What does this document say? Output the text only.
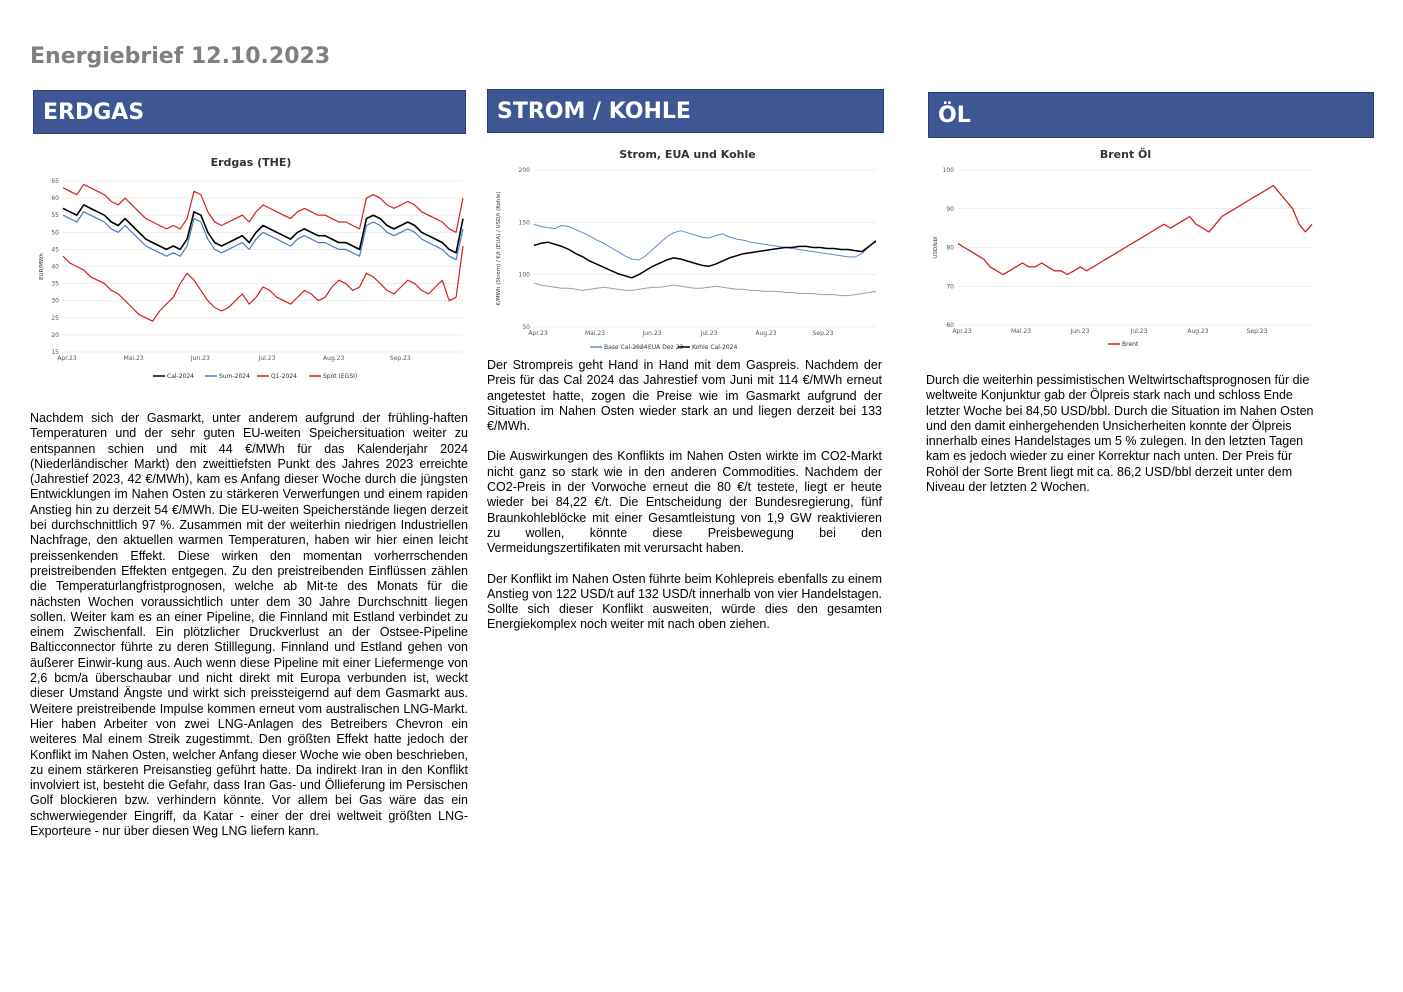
Energiebrief 12.10.2023
ERDGAS	STROM / KOHLE	ÖL
Erdgas (THE)
65
60
55
50
45
40
35
30
25
20
15
EUR/MWh
Apr.23	Mai.23	Jun.23	Jul.23	Aug.23	Sep.23
Cal-2024	Sum-2024	Q1-2024	Spot (EGSI)
Strom, EUA und Kohle
200
150
100
50
€/MWh (Strom) / €/t (EUA) / USD/t (Kohle)
Apr.23	Mai.23	Jun.23	Jul.23	Aug.23	Sep.23
Base Cal-2024 EUA Dez 23 Kohle Cal-2024
Brent Öl
100
90
80
70
60
USD/bbl
Apr.23	Mai.23	Jun.23	Jul.23	Aug.23	Sep.23
Brent

Nachdem sich der Gasmarkt, unter anderem aufgrund der frühling-haften Temperaturen und der sehr guten EU-weiten Speichersituation weiter zu entspannen schien und mit 44 €/MWh für das Kalenderjahr 2024 (Niederländischer Markt) den zweittiefsten Punkt des Jahres 2023 erreichte (Jahrestief 2023, 42 €/MWh), kam es Anfang dieser Woche durch die jüngsten Entwicklungen im Nahen Osten zu stärkeren Verwerfungen und einem rapiden Anstieg hin zu derzeit 54 €/MWh. Die EU-weiten Speicherstände liegen derzeit bei durchschnittlich 97 %. Zusammen mit der weiterhin niedrigen Industriellen Nachfrage, den aktuellen warmen Temperaturen, haben wir hier einen leicht preissenkenden Effekt. Diese wirken den momentan vorherrschenden preistreibenden Effekten entgegen. Zu den preistreibenden Einflüssen zählen die Temperaturlangfristprognosen, welche ab Mit-te des Monats für die nächsten Wochen voraussichtlich unter dem 30 Jahre Durchschnitt liegen sollen. Weiter kam es an einer Pipeline, die Finnland mit Estland verbindet zu einem Zwischenfall. Ein plötzlicher Druckverlust an der Ostsee-Pipeline Balticconnector führte zu deren Stilllegung. Finnland und Estland gehen von äußerer Einwir-kung aus. Auch wenn diese Pipeline mit einer Liefermenge von 2,6 bcm/a überschaubar und nicht direkt mit Europa verbunden ist, weckt dieser Umstand Ängste und wirkt sich preissteigernd auf dem Gasmarkt aus. Weitere preistreibende Impulse kommen erneut vom australischen LNG-Markt. Hier haben Arbeiter von zwei LNG-Anlagen des Betreibers Chevron ein weiteres Mal einem Streik zugestimmt. Den größten Effekt hatte jedoch der Konflikt im Nahen Osten, welcher Anfang dieser Woche wie oben beschrieben, zu einem stärkeren Preisanstieg geführt hatte. Da indirekt Iran in den Konflikt involviert ist, besteht die Gefahr, dass Iran Gas- und Öllieferung im Persischen Golf blockieren bzw. verhindern könnte. Vor allem bei Gas wäre das ein schwerwiegender Eingriff, da Katar - einer der drei weltweit größten LNG-Exporteure - nur über diesen Weg LNG liefern kann.

Der Strompreis geht Hand in Hand mit dem Gaspreis. Nachdem der Preis für das Cal 2024 das Jahrestief vom Juni mit 114 €/MWh erneut angetestet hatte, zogen die Preise wie im Gasmarkt aufgrund der Situation im Nahen Osten wieder stark an und liegen derzeit bei 133 €/MWh.

Die Auswirkungen des Konflikts im Nahen Osten wirkte im CO2-Markt nicht ganz so stark wie in den anderen Commodities. Nachdem der CO2-Preis in der Vorwoche erneut die 80 €/t testete, liegt er heute wieder bei 84,22 €/t. Die Entscheidung der Bundesregierung, fünf Braunkohleblöcke mit einer Gesamtleistung von 1,9 GW reaktivieren zu wollen, könnte diese Preisbewegung bei den Vermeidungszertifikaten mit verursacht haben.

Der Konflikt im Nahen Osten führte beim Kohlepreis ebenfalls zu einem Anstieg von 122 USD/t auf 132 USD/t innerhalb von vier Handelstagen. Sollte sich dieser Konflikt ausweiten, würde dies den gesamten Energiekomplex noch weiter mit nach oben ziehen.

Durch die weiterhin pessimistischen Weltwirtschaftsprognosen für die weltweite Konjunktur gab der Ölpreis stark nach und schloss Ende letzter Woche bei 84,50 USD/bbl. Durch die Situation im Nahen Osten und den damit einhergehenden Unsicherheiten konnte der Ölpreis innerhalb eines Handelstages um 5 % zulegen. In den letzten Tagen kam es jedoch wieder zu einer Korrektur nach unten. Der Preis für Rohöl der Sorte Brent liegt mit ca. 86,2 USD/bbl derzeit unter dem Niveau der letzten 2 Wochen.
